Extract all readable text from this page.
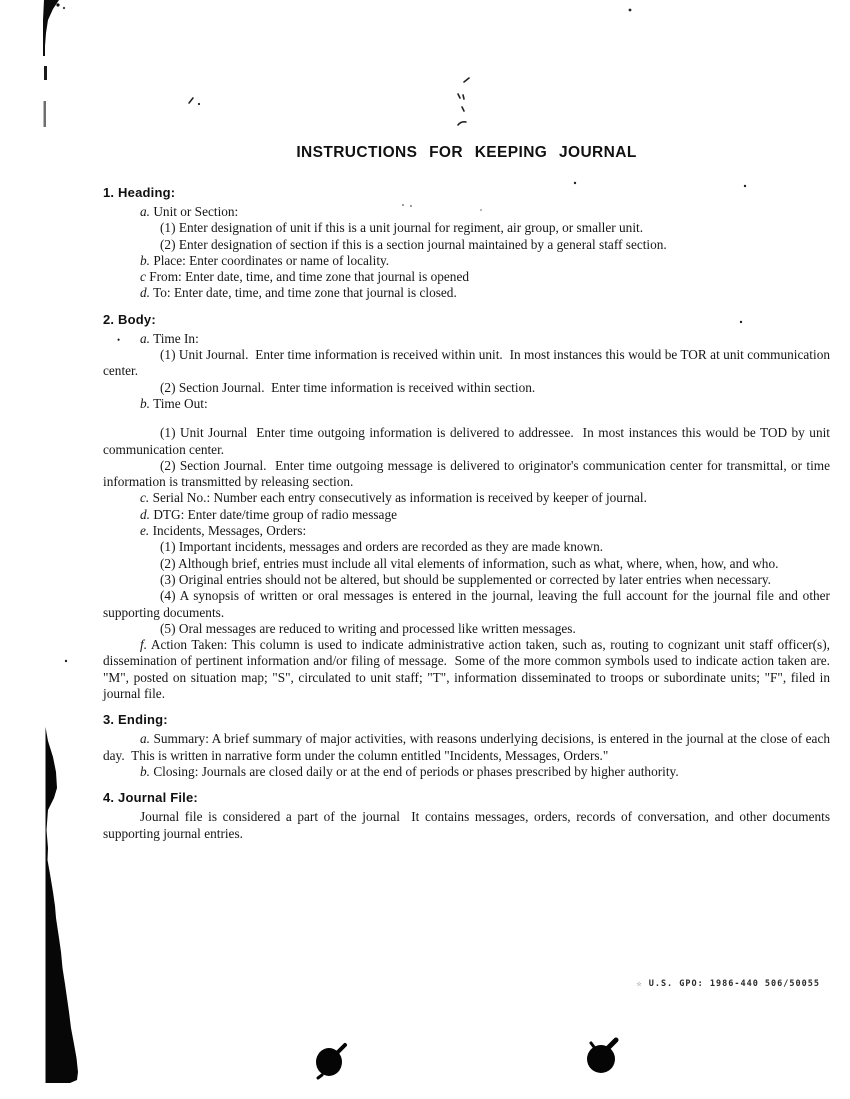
INSTRUCTIONS FOR KEEPING JOURNAL

1. Heading:

a. Unit or Section:

(1) Enter designation of unit if this is a unit journal for regiment, air group, or smaller unit.

(2) Enter designation of section if this is a section journal maintained by a general staff section.

b. Place: Enter coordinates or name of locality.

c From: Enter date, time, and time zone that journal is opened

d. To: Enter date, time, and time zone that journal is closed.

2. Body:

• a. Time In:

(1) Unit Journal.  Enter time information is received within unit.  In most instances this would be TOR at unit communication center.

(2) Section Journal.  Enter time information is received within section.

b. Time Out:

(1) Unit Journal  Enter time outgoing information is delivered to addressee.  In most instances this would be TOD by unit communication center.

(2) Section Journal.  Enter time outgoing message is delivered to originator's communication center for transmittal, or time information is transmitted by releasing section.

c. Serial No.: Number each entry consecutively as information is received by keeper of journal.

d. DTG: Enter date/time group of radio message

e. Incidents, Messages, Orders:

(1) Important incidents, messages and orders are recorded as they are made known.

(2) Although brief, entries must include all vital elements of information, such as what, where, when, how, and who.

(3) Original entries should not be altered, but should be supplemented or corrected by later entries when necessary.

(4) A synopsis of written or oral messages is entered in the journal, leaving the full account for the journal file and other supporting documents.

(5) Oral messages are reduced to writing and processed like written messages.

f. Action Taken: This column is used to indicate administrative action taken, such as, routing to cognizant unit staff officer(s), dissemination of pertinent information and/or filing of message.  Some of the more common symbols used to indicate action taken are. "M", posted on situation map; "S", circulated to unit staff; "T", information disseminated to troops or subordinate units; "F", filed in journal file.

3. Ending:

a. Summary: A brief summary of major activities, with reasons underlying decisions, is entered in the journal at the close of each day.  This is written in narrative form under the column entitled "Incidents, Messages, Orders."

b. Closing: Journals are closed daily or at the end of periods or phases prescribed by higher authority.

4. Journal File:

Journal file is considered a part of the journal  It contains messages, orders, records of conversation, and other documents supporting journal entries.

☆ U.S. GPO: 1986-440 506/50055
